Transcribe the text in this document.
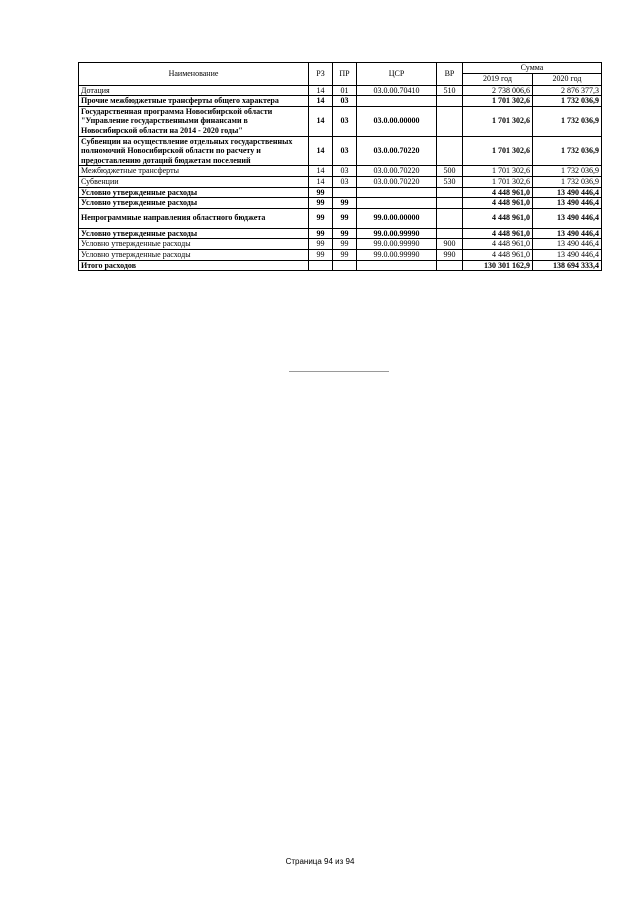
Наименование	РЗ	ПР	ЦСР	ВР	Сумма	
					2019 год	2020 год
Дотация	14	01	03.0.00.70410	510	2 738 006,6	2 876 377,3
Прочие межбюджетные трансферты общего характера	14	03			1 701 302,6	1 732 036,9
Государственная программа Новосибирской области "Управление государственными финансами в Новосибирской области на 2014 - 2020 годы"	14	03	03.0.00.00000		1 701 302,6	1 732 036,9
Субвенции на осуществление отдельных государственных полномочий Новосибирской области по расчету и предоставлению дотаций бюджетам поселений	14	03	03.0.00.70220		1 701 302,6	1 732 036,9
Межбюджетные трансферты	14	03	03.0.00.70220	500	1 701 302,6	1 732 036,9
Субвенции	14	03	03.0.00.70220	530	1 701 302,6	1 732 036,9
Условно утвержденные расходы	99				4 448 961,0	13 490 446,4
Условно утвержденные расходы	99	99			4 448 961,0	13 490 446,4
Непрограммные направления областного бюджета	99	99	99.0.00.00000		4 448 961,0	13 490 446,4
Условно утвержденные расходы	99	99	99.0.00.99990		4 448 961,0	13 490 446,4
Условно утвержденные расходы	99	99	99.0.00.99990	900	4 448 961,0	13 490 446,4
Условно утвержденные расходы	99	99	99.0.00.99990	990	4 448 961,0	13 490 446,4
Итого расходов					130 301 162,9	138 694 333,4
Страница 94 из 94
